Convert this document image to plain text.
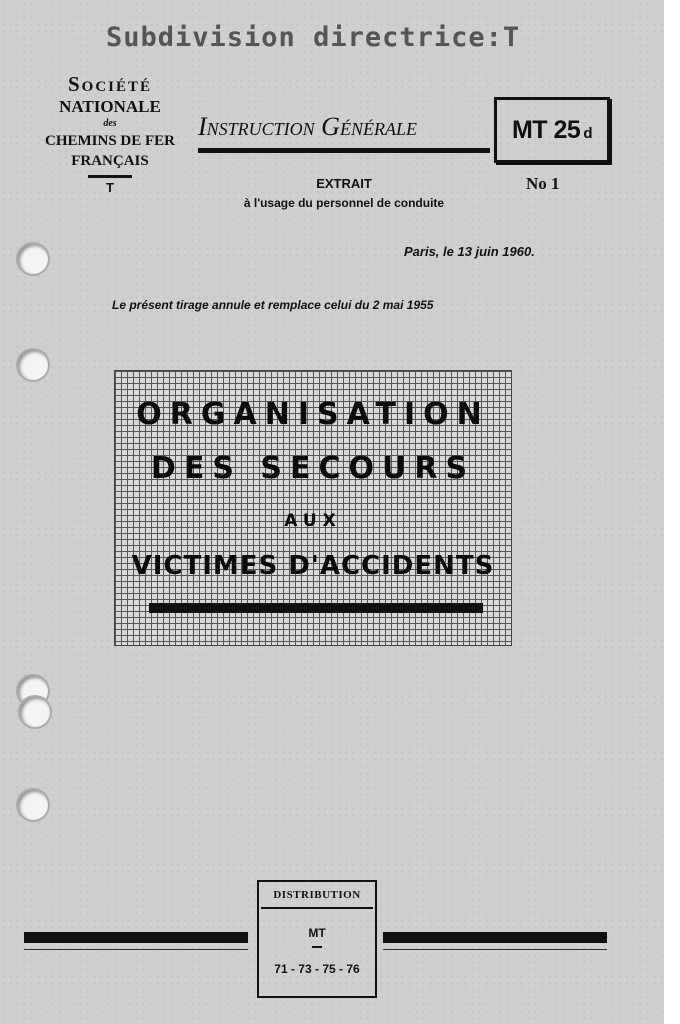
Subdivision directrice:T
Société
NATIONALE
des
CHEMINS DE FER
FRANÇAIS
T
Instruction Générale	MT 25 d
No 1
EXTRAIT
à l'usage du personnel de conduite
Paris, le 13 juin 1960.
Le présent tirage annule et remplace celui du 2 mai 1955
ORGANISATION
DES SECOURS
AUX
VICTIMES D'ACCIDENTS
DISTRIBUTION
MT
71 - 73 - 75 - 76
